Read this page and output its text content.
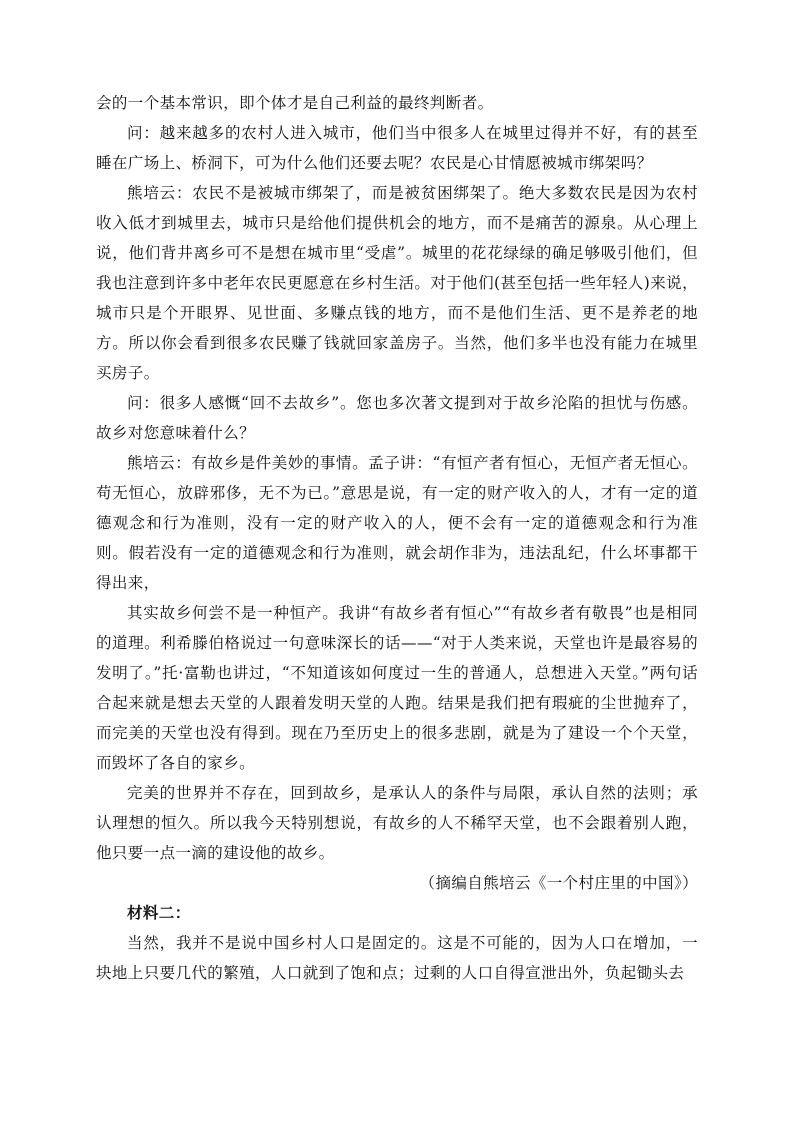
会的一个基本常识，即个体才是自己利益的最终判断者。

问：越来越多的农村人进入城市，他们当中很多人在城里过得并不好，有的甚至睡在广场上、桥洞下，可为什么他们还要去呢？农民是心甘情愿被城市绑架吗？

熊培云：农民不是被城市绑架了，而是被贫困绑架了。绝大多数农民是因为农村收入低才到城里去，城市只是给他们提供机会的地方，而不是痛苦的源泉。从心理上说，他们背井离乡可不是想在城市里“受虐”。城里的花花绿绿的确足够吸引他们，但我也注意到许多中老年农民更愿意在乡村生活。对于他们(甚至包括一些年轻人)来说，城市只是个开眼界、见世面、多赚点钱的地方，而不是他们生活、更不是养老的地方。所以你会看到很多农民赚了钱就回家盖房子。当然，他们多半也没有能力在城里买房子。

问：很多人感慨“回不去故乡”。您也多次著文提到对于故乡沦陷的担忧与伤感。故乡对您意味着什么？

熊培云：有故乡是件美妙的事情。孟子讲：“有恒产者有恒心，无恒产者无恒心。苟无恒心，放辟邪侈，无不为已。”意思是说，有一定的财产收入的人，才有一定的道德观念和行为准则，没有一定的财产收入的人，便不会有一定的道德观念和行为准则。假若没有一定的道德观念和行为准则，就会胡作非为，违法乱纪，什么坏事都干得出来，

其实故乡何尝不是一种恒产。我讲“有故乡者有恒心”“有故乡者有敬畏”也是相同的道理。利希滕伯格说过一句意味深长的话——“对于人类来说，天堂也许是最容易的发明了。”托·富勒也讲过，“不知道该如何度过一生的普通人，总想进入天堂。”两句话合起来就是想去天堂的人跟着发明天堂的人跑。结果是我们把有瑕疵的尘世抛弃了，而完美的天堂也没有得到。现在乃至历史上的很多悲剧，就是为了建设一个个天堂，而毁坏了各自的家乡。

完美的世界并不存在，回到故乡，是承认人的条件与局限，承认自然的法则；承认理想的恒久。所以我今天特别想说，有故乡的人不稀罕天堂，也不会跟着别人跑，他只要一点一滴的建设他的故乡。

（摘编自熊培云《一个村庄里的中国》）

材料二：

当然，我并不是说中国乡村人口是固定的。这是不可能的，因为人口在增加，一块地上只要几代的繁殖，人口就到了饱和点；过剩的人口自得宣泄出外，负起锄头去
